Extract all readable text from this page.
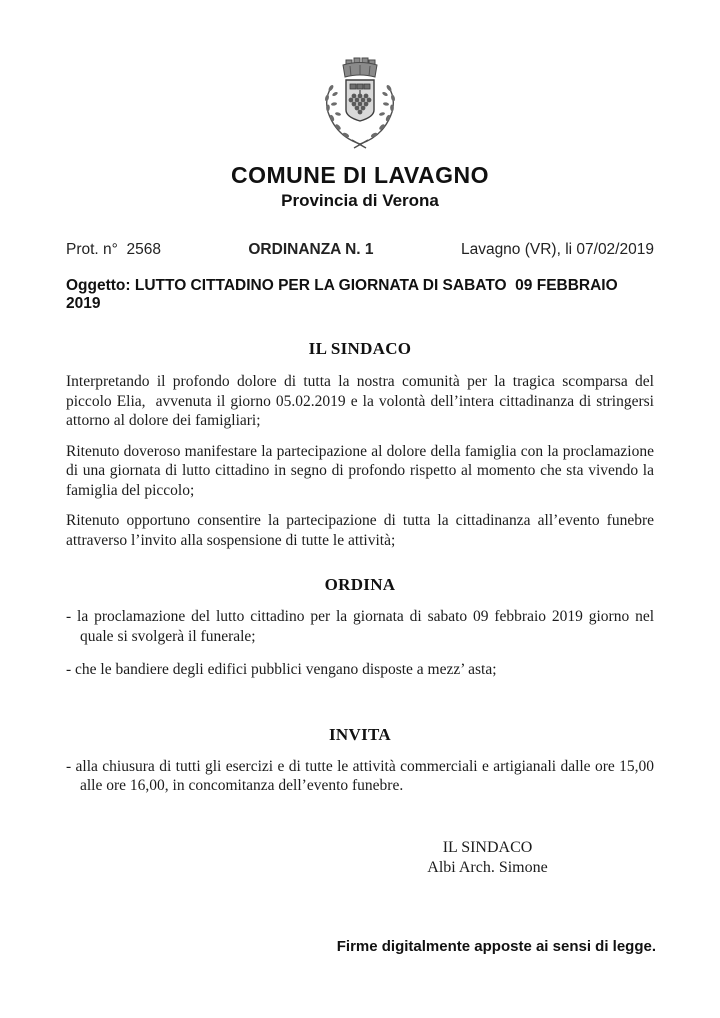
COMUNE DI LAVAGNO
Provincia di Verona
Prot. n°  2568	ORDINANZA N. 1	Lavagno (VR), li 07/02/2019
Oggetto: LUTTO CITTADINO PER LA GIORNATA DI SABATO  09 FEBBRAIO 2019
IL SINDACO
Interpretando il profondo dolore di tutta la nostra comunità per la tragica scomparsa del piccolo Elia,  avvenuta il giorno 05.02.2019 e la volontà dell’intera cittadinanza di stringersi attorno al dolore dei famigliari;
Ritenuto doveroso manifestare la partecipazione al dolore della famiglia con la proclamazione di una giornata di lutto cittadino in segno di profondo rispetto al momento che sta vivendo la famiglia del piccolo;
Ritenuto opportuno consentire la partecipazione di tutta la cittadinanza all’evento funebre attraverso l’invito alla sospensione di tutte le attività;
ORDINA
- la proclamazione del lutto cittadino per la giornata di sabato 09 febbraio 2019 giorno nel quale si svolgerà il funerale;
- che le bandiere degli edifici pubblici vengano disposte a mezz’ asta;
INVITA
- alla chiusura di tutti gli esercizi e di tutte le attività commerciali e artigianali dalle ore 15,00 alle ore 16,00, in concomitanza dell’evento funebre.
IL SINDACO
Albi Arch. Simone
Firme digitalmente apposte ai sensi di legge.
